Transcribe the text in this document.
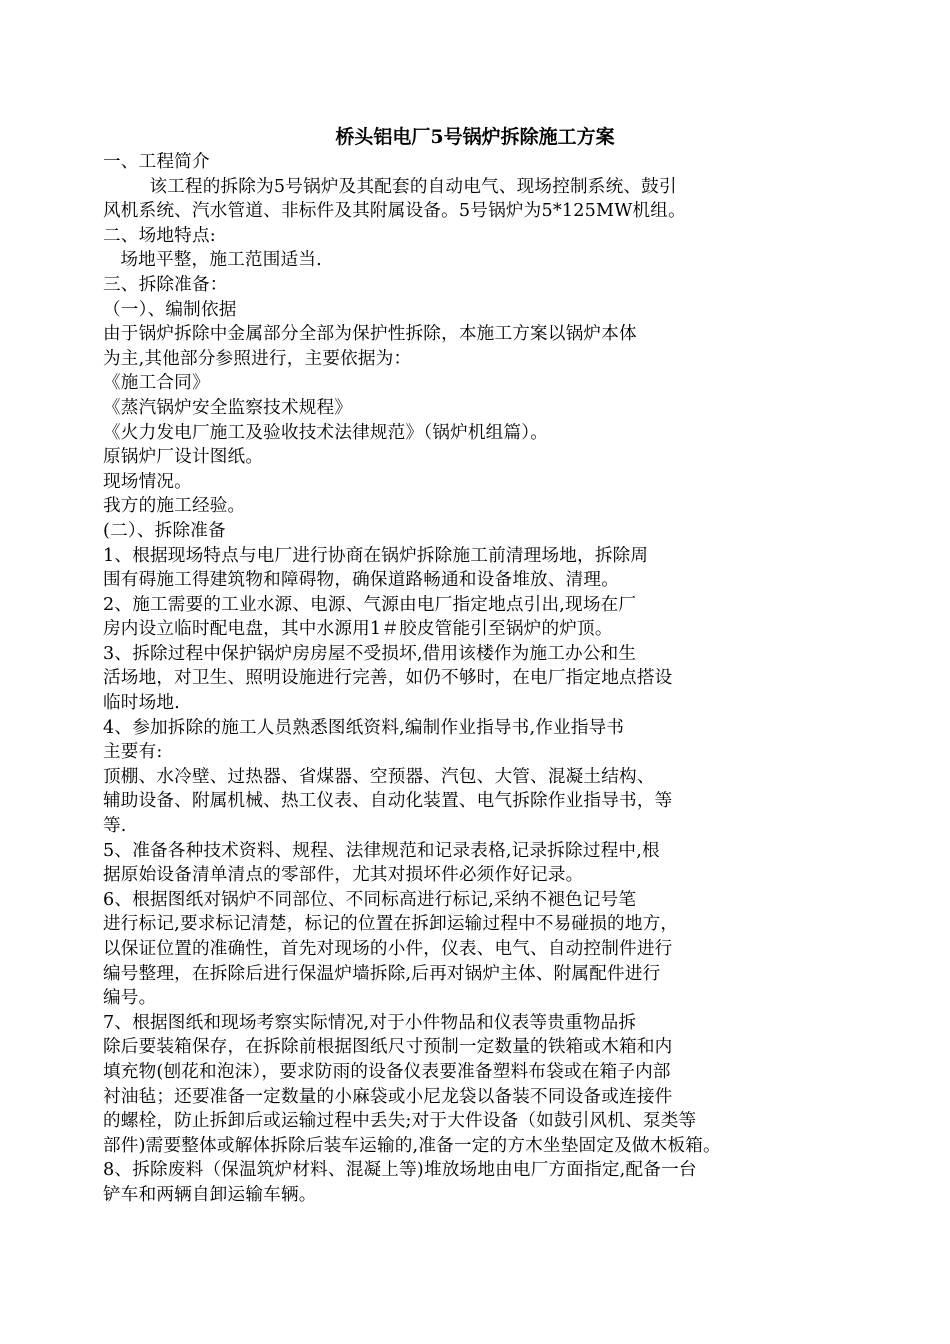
桥头铝电厂5号锅炉拆除施工方案
一、工程简介
该工程的拆除为5号锅炉及其配套的自动电气、现场控制系统、鼓引
风机系统、汽水管道、非标件及其附属设备。5号锅炉为5*125MW机组。
二、场地特点:
场地平整，施工范围适当.
三、拆除准备：
（一）、编制依据
由于锅炉拆除中金属部分全部为保护性拆除，本施工方案以锅炉本体
为主,其他部分参照进行，主要依据为：
《施工合同》
《蒸汽锅炉安全监察技术规程》
《火力发电厂施工及验收技术法律规范》（锅炉机组篇）。
原锅炉厂设计图纸。
现场情况。
我方的施工经验。
(二）、拆除准备
1、根据现场特点与电厂进行协商在锅炉拆除施工前清理场地，拆除周
围有碍施工得建筑物和障碍物，确保道路畅通和设备堆放、清理。
2、施工需要的工业水源、电源、气源由电厂指定地点引出,现场在厂
房内设立临时配电盘，其中水源用1＃胶皮管能引至锅炉的炉顶。
3、拆除过程中保护锅炉房房屋不受损坏,借用该楼作为施工办公和生
活场地，对卫生、照明设施进行完善，如仍不够时，在电厂指定地点搭设
临时场地.
4、参加拆除的施工人员熟悉图纸资料,编制作业指导书,作业指导书
主要有:
顶棚、水冷壁、过热器、省煤器、空预器、汽包、大管、混凝土结构、
辅助设备、附属机械、热工仪表、自动化装置、电气拆除作业指导书，等
等.
5、准备各种技术资料、规程、法律规范和记录表格,记录拆除过程中,根
据原始设备清单清点的零部件，尤其对损坏件必须作好记录。
6、根据图纸对锅炉不同部位、不同标高进行标记,采纳不褪色记号笔
进行标记,要求标记清楚，标记的位置在拆卸运输过程中不易碰损的地方，
以保证位置的准确性，首先对现场的小件，仪表、电气、自动控制件进行
编号整理，在拆除后进行保温炉墙拆除,后再对锅炉主体、附属配件进行
编号。
7、根据图纸和现场考察实际情况,对于小件物品和仪表等贵重物品拆
除后要装箱保存，在拆除前根据图纸尺寸预制一定数量的铁箱或木箱和内
填充物(刨花和泡沫），要求防雨的设备仪表要准备塑料布袋或在箱子内部
衬油毡；还要准备一定数量的小麻袋或小尼龙袋以备装不同设备或连接件
的螺栓，防止拆卸后或运输过程中丢失;对于大件设备（如鼓引风机、泵类等
部件)需要整体或解体拆除后装车运输的,准备一定的方木坐垫固定及做木板箱。
8、拆除废料（保温筑炉材料、混凝上等)堆放场地由电厂方面指定,配备一台
铲车和两辆自卸运输车辆。
